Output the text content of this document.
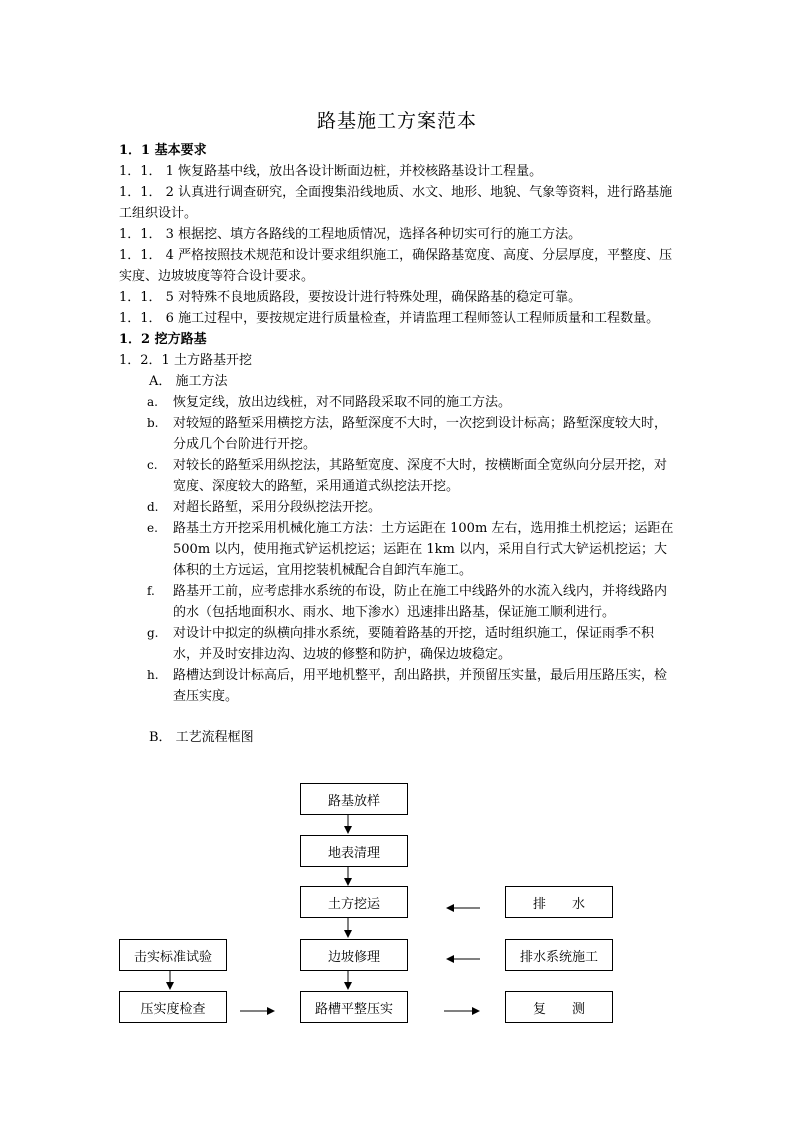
路基施工方案范本

1．1 基本要求

1．1． 1 恢复路基中线，放出各设计断面边桩，并校核路基设计工程量。

1．1． 2 认真进行调查研究，全面搜集沿线地质、水文、地形、地貌、气象等资料，进行路基施工组织设计。

1．1． 3 根据挖、填方各路线的工程地质情况，选择各种切实可行的施工方法。

1．1． 4 严格按照技术规范和设计要求组织施工，确保路基宽度、高度、分层厚度，平整度、压实度、边坡坡度等符合设计要求。

1．1． 5 对特殊不良地质路段，要按设计进行特殊处理，确保路基的稳定可靠。

1．1． 6 施工过程中，要按规定进行质量检查，并请监理工程师签认工程师质量和工程数量。

1．2 挖方路基

1．2．1 土方路基开挖

A． 施工方法

a.	恢复定线，放出边线桩，对不同路段采取不同的施工方法。
b.	对较短的路堑采用横挖方法，路堑深度不大时，一次挖到设计标高；路堑深度较大时，分成几个台阶进行开挖。
c.	对较长的路堑采用纵挖法，其路堑宽度、深度不大时，按横断面全宽纵向分层开挖，对宽度、深度较大的路堑，采用通道式纵挖法开挖。
d.	对超长路堑，采用分段纵挖法开挖。
e.	路基土方开挖采用机械化施工方法：土方运距在 100m 左右，选用推土机挖运；运距在 500m 以内，使用拖式铲运机挖运；运距在 1km 以内，采用自行式大铲运机挖运；大体积的土方远运，宜用挖装机械配合自卸汽车施工。
f.	路基开工前，应考虑排水系统的布设，防止在施工中线路外的水流入线内，并将线路内的水（包括地面积水、雨水、地下渗水）迅速排出路基，保证施工顺利进行。
g.	对设计中拟定的纵横向排水系统，要随着路基的开挖，适时组织施工，保证雨季不积水，并及时安排边沟、边坡的修整和防护，确保边坡稳定。
h.	路槽达到设计标高后，用平地机整平，刮出路拱，并预留压实量，最后用压路压实，检查压实度。

B． 工艺流程框图

路基放样
地表清理
土方挖运
边坡修理
路槽平整压实
排　　水
排水系统施工
复　　测
击实标准试验
压实度检查
